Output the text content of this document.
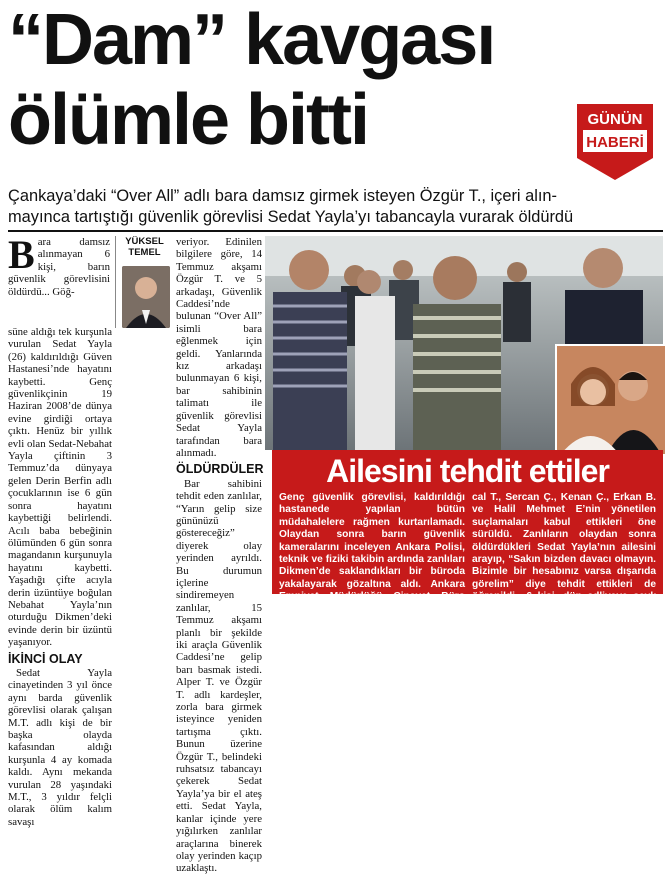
“Dam” kavgası
ölümle bitti	GÜNÜN
HABERİ
Çankaya’daki “Over All” adlı bara damsız girmek isteyen Özgür T., içeri alın-
mayınca tartıştığı güvenlik görevlisi Sedat Yayla’yı tabancayla vurarak öldürdü
B ara damsız alınmayan 6 kişi, barın güvenlik görevlisini öldürdü... Göğ-
YÜKSEL
TEMEL

süne aldığı tek kurşunla vurulan Sedat Yayla (26) kaldırıldığı Güven Hastanesi’nde hayatını kaybetti. Genç güvenlikçinin 19 Haziran 2008’de dünya evine girdiği ortaya çıktı. Henüz bir yıllık evli olan Sedat-Nebahat Yayla çiftinin 3 Temmuz’da dünyaya gelen Derin Berfin adlı çocuklarının ise 6 gün sonra hayatını kaybettiği belirlendi. Acılı baba bebeğinin ölümünden 6 gün sonra magandanın kurşunuyla hayatını kaybetti. Yaşadığı çifte acıyla derin üzüntüye boğulan Nebahat Yayla’nın oturduğu Dikmen’deki evinde derin bir üzüntü yaşanıyor.

İKİNCİ OLAY

Sedat Yayla cinayetinden 3 yıl önce aynı barda güvenlik görevlisi olarak çalışan M.T. adlı kişi de bir başka olayda kafasından aldığı kurşunla 4 ay komada kaldı. Aynı mekanda vurulan 28 yaşındaki M.T., 3 yıldır felçli olarak ölüm kalım savaşı

veriyor. Edinilen bilgilere göre, 14 Temmuz akşamı Özgür T. ve 5 arkadaşı, Güvenlik Caddesi’nde bulunan “Over All” isimli bara eğlenmek için geldi. Yanlarında kız arkadaşı bulunmayan 6 kişi, bar sahibinin talimatı ile güvenlik görevlisi Sedat Yayla tarafından bara alınmadı.

ÖLDÜRDÜLER

Bar sahibini tehdit eden zanlılar, “Yarın gelip size gününüzü göstereceğiz” diyerek olay yerinden ayrıldı. Bu durumun içlerine sindiremeyen zanlılar, 15 Temmuz akşamı planlı bir şekilde iki araçla Güvenlik Caddesi’ne gelip barı basmak istedi. Alper T. ve Özgür T. adlı kardeşler, zorla bara girmek isteyince yeniden tartışma çıktı. Bunun üzerine Özgür T., belindeki ruhsatsız tabancayı çekerek Sedat Yayla’ya bir el ateş etti. Sedat Yayla, kanlar içinde yere yığılırken zanlılar araçlarına binerek olay yerinden kaçıp uzaklaştı.

Ailesini tehdit ettiler
Genç güvenlik görevlisi, kaldırıldığı hastanede yapılan bütün müdahalelere rağmen kurtarılamadı. Olaydan sonra barın güvenlik kameralarını inceleyen Ankara Polisi, teknik ve fiziki takibin ardında zanlıları Dikmen’de saklandıkları bir büroda yakalayarak gözaltına aldı. Ankara Emniyet Müdürlüğü Cinayet Büro Amirliği ekiplerince yakalanan Özgür T., Hün-
cal T., Sercan Ç., Kenan Ç., Erkan B. ve Halil Mehmet E’nin yönetilen suçlamaları kabul ettikleri öne sürüldü. Zanlıların olaydan sonra öldürdükleri Sedat Yayla’nın ailesini arayıp, “Sakın bizden davacı olmayın. Bizimle bir hesabınız varsa dışarıda görelim” diye tehdit ettikleri de öğrenildi.. 6 kişi, dün adliyeye sevk edildi.
